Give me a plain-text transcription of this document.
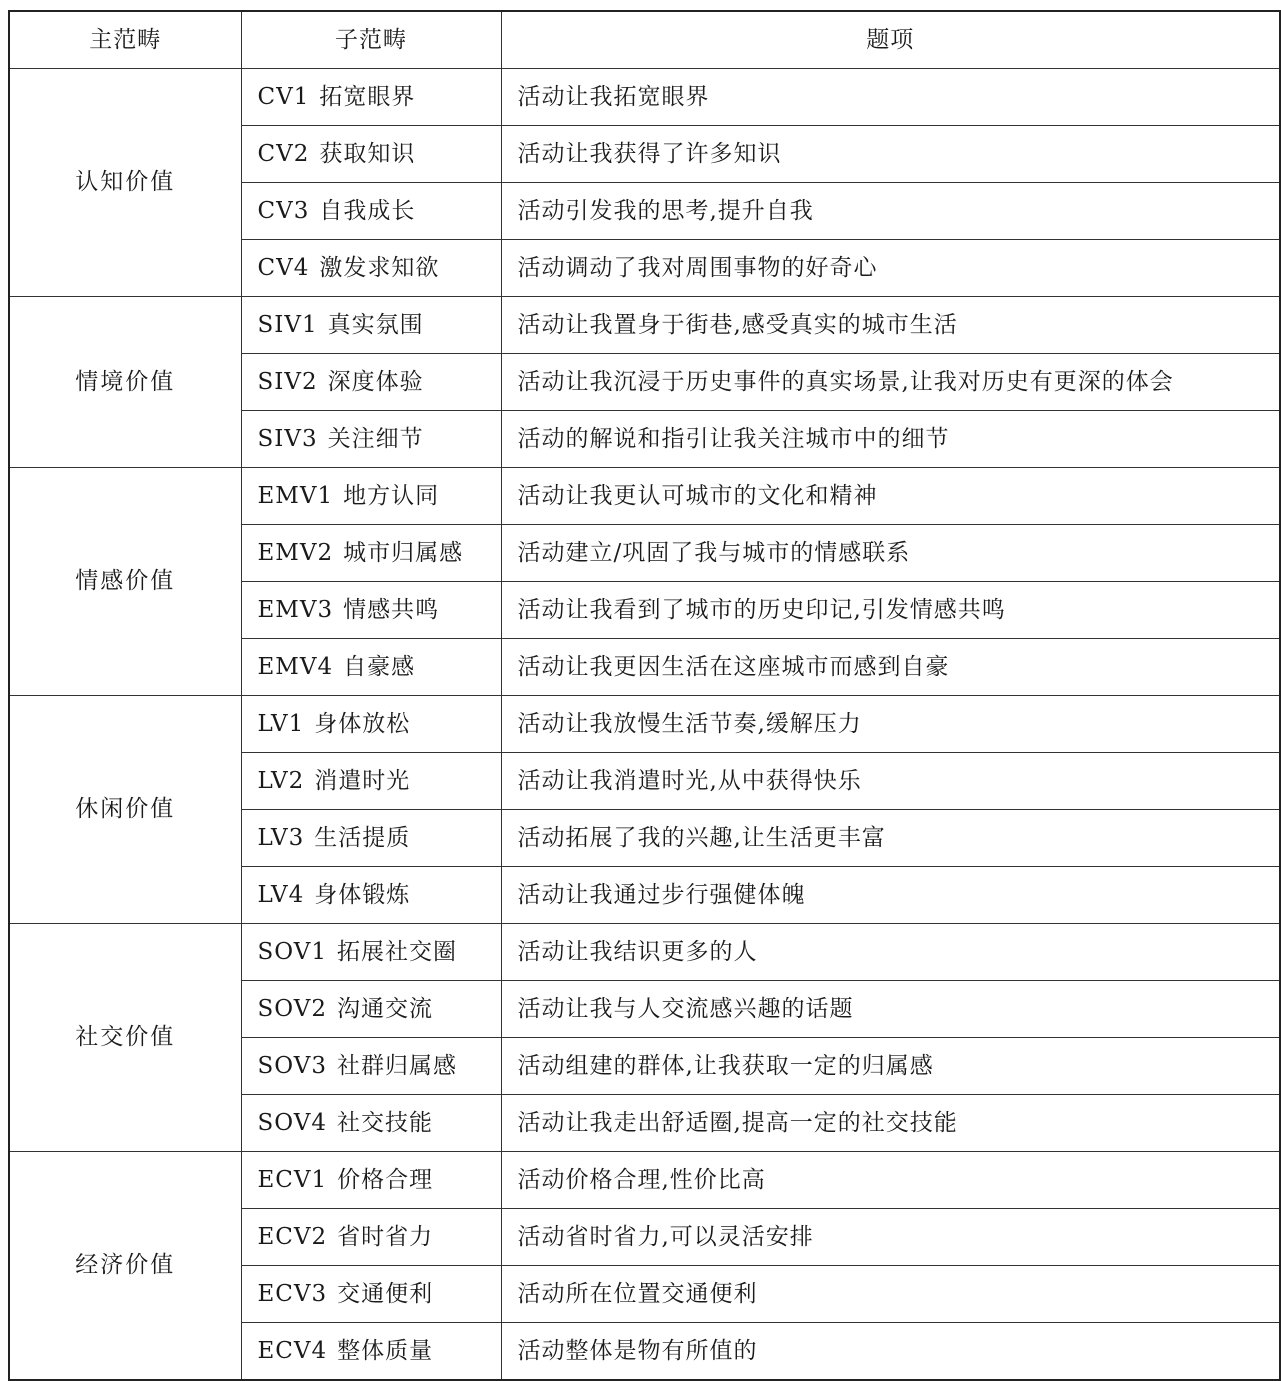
主范畴	子范畴	题项
认知价值	CV1 拓宽眼界	活动让我拓宽眼界
	CV2 获取知识	活动让我获得了许多知识
	CV3 自我成长	活动引发我的思考,提升自我
	CV4 激发求知欲	活动调动了我对周围事物的好奇心
情境价值	SIV1 真实氛围	活动让我置身于街巷,感受真实的城市生活
	SIV2 深度体验	活动让我沉浸于历史事件的真实场景,让我对历史有更深的体会
	SIV3 关注细节	活动的解说和指引让我关注城市中的细节
情感价值	EMV1 地方认同	活动让我更认可城市的文化和精神
	EMV2 城市归属感	活动建立/巩固了我与城市的情感联系
	EMV3 情感共鸣	活动让我看到了城市的历史印记,引发情感共鸣
	EMV4 自豪感	活动让我更因生活在这座城市而感到自豪
休闲价值	LV1 身体放松	活动让我放慢生活节奏,缓解压力
	LV2 消遣时光	活动让我消遣时光,从中获得快乐
	LV3 生活提质	活动拓展了我的兴趣,让生活更丰富
	LV4 身体锻炼	活动让我通过步行强健体魄
社交价值	SOV1 拓展社交圈	活动让我结识更多的人
	SOV2 沟通交流	活动让我与人交流感兴趣的话题
	SOV3 社群归属感	活动组建的群体,让我获取一定的归属感
	SOV4 社交技能	活动让我走出舒适圈,提高一定的社交技能
经济价值	ECV1 价格合理	活动价格合理,性价比高
	ECV2 省时省力	活动省时省力,可以灵活安排
	ECV3 交通便利	活动所在位置交通便利
	ECV4 整体质量	活动整体是物有所值的
